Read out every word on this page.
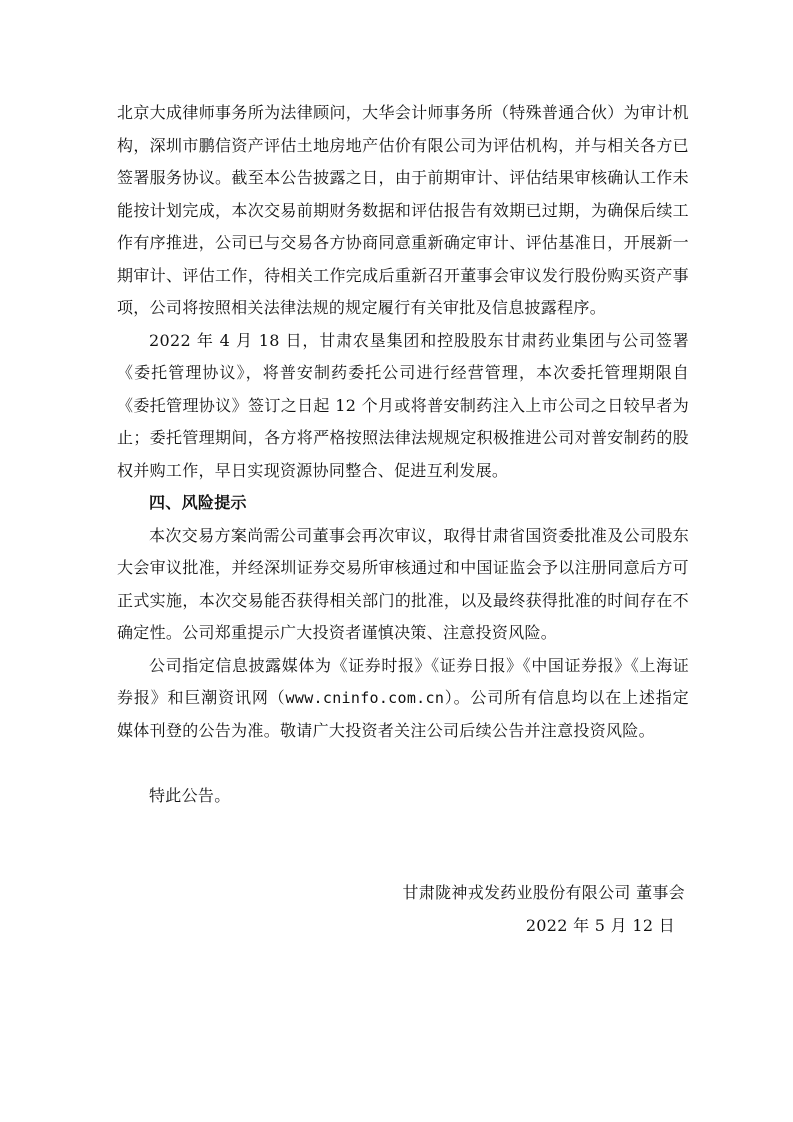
北京大成律师事务所为法律顾问，大华会计师事务所（特殊普通合伙）为审计机构，深圳市鹏信资产评估土地房地产估价有限公司为评估机构，并与相关各方已签署服务协议。截至本公告披露之日，由于前期审计、评估结果审核确认工作未能按计划完成，本次交易前期财务数据和评估报告有效期已过期，为确保后续工作有序推进，公司已与交易各方协商同意重新确定审计、评估基准日，开展新一期审计、评估工作，待相关工作完成后重新召开董事会审议发行股份购买资产事项，公司将按照相关法律法规的规定履行有关审批及信息披露程序。

2022 年 4 月 18 日，甘肃农垦集团和控股股东甘肃药业集团与公司签署《委托管理协议》，将普安制药委托公司进行经营管理，本次委托管理期限自《委托管理协议》签订之日起 12 个月或将普安制药注入上市公司之日较早者为止；委托管理期间，各方将严格按照法律法规规定积极推进公司对普安制药的股权并购工作，早日实现资源协同整合、促进互利发展。

四、风险提示

本次交易方案尚需公司董事会再次审议，取得甘肃省国资委批准及公司股东大会审议批准，并经深圳证券交易所审核通过和中国证监会予以注册同意后方可正式实施，本次交易能否获得相关部门的批准，以及最终获得批准的时间存在不确定性。公司郑重提示广大投资者谨慎决策、注意投资风险。

公司指定信息披露媒体为《证券时报》《证券日报》《中国证券报》《上海证券报》和巨潮资讯网（www.cninfo.com.cn）。公司所有信息均以在上述指定媒体刊登的公告为准。敬请广大投资者关注公司后续公告并注意投资风险。

特此公告。

甘肃陇神戎发药业股份有限公司 董事会

2022 年 5 月 12 日
